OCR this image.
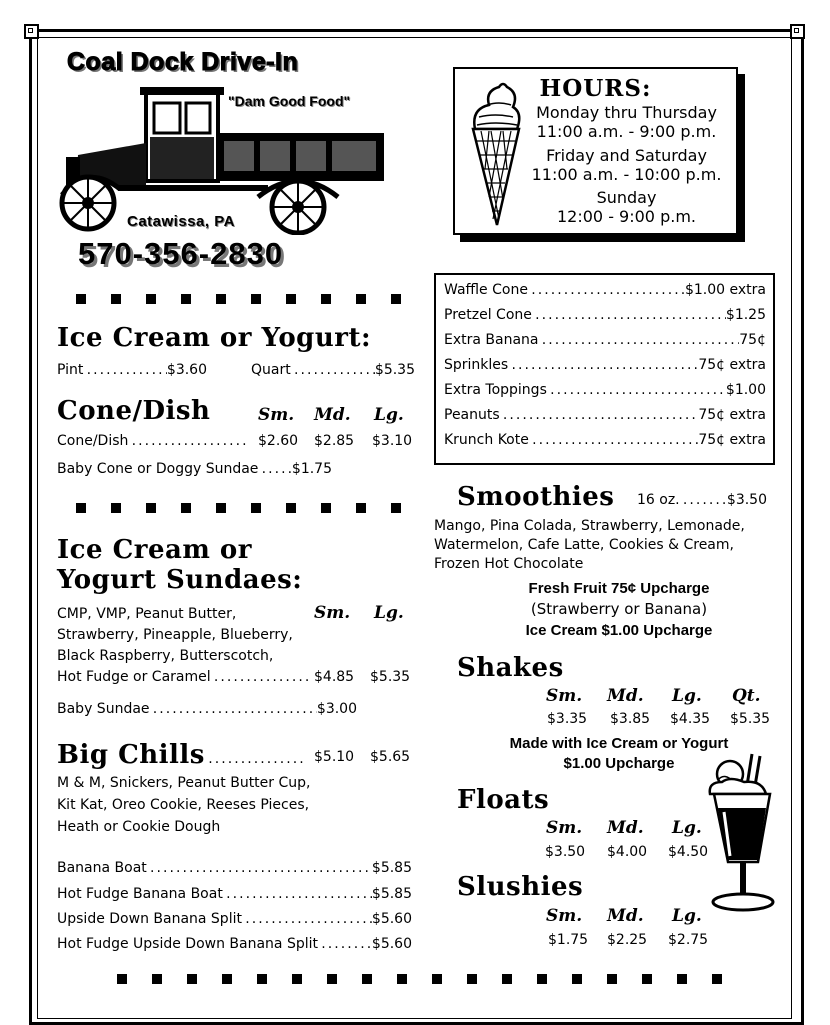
Coal Dock Drive-In
"Dam Good Food"
Catawissa, PA
570-356-2830
HOURS:
Monday thru Thursday
11:00 a.m. - 9:00 p.m.
Friday and Saturday
11:00 a.m. - 10:00 p.m.
Sunday
12:00 - 9:00 p.m.
Waffle Cone . . .	$1.00 extra
Pretzel Cone . . .	$1.25
Extra Banana . . .	75¢
Sprinkles . . .	75¢ extra
Extra Toppings . . .	$1.00
Peanuts . . .	75¢ extra
Krunch Kote . . .	75¢ extra
Ice Cream or Yogurt:
Pint . . .	$3.60	Quart . . .	$5.35
Cone/Dish	Sm. Md. Lg.
Cone/Dish . . .	$2.60 $2.85 $3.10
Baby Cone or Doggy Sundae . . .	$1.75
Ice Cream or
Yogurt Sundaes:
Sm. Lg.
CMP, VMP, Peanut Butter,
Strawberry, Pineapple, Blueberry,
Black Raspberry, Butterscotch,
Hot Fudge or Caramel . . .	$4.85 $5.35
Baby Sundae . . .	$3.00
Big Chills . . .	$5.10 $5.65
M & M, Snickers, Peanut Butter Cup,
Kit Kat, Oreo Cookie, Reeses Pieces,
Heath or Cookie Dough
Banana Boat . . .	$5.85
Hot Fudge Banana Boat . . .	$5.85
Upside Down Banana Split . . .	$5.60
Hot Fudge Upside Down Banana Split . . .	$5.60
Smoothies 16 oz. . . .	$3.50
Mango, Pina Colada, Strawberry, Lemonade,
Watermelon, Cafe Latte, Cookies & Cream,
Frozen Hot Chocolate
Fresh Fruit 75¢ Upcharge
(Strawberry or Banana)
Ice Cream $1.00 Upcharge
Shakes
Sm. Md. Lg. Qt.
$3.35 $3.85 $4.35 $5.35
Made with Ice Cream or Yogurt
$1.00 Upcharge
Floats
Sm. Md. Lg.
$3.50 $4.00 $4.50
Slushies
Sm. Md. Lg.
$1.75 $2.25 $2.75
